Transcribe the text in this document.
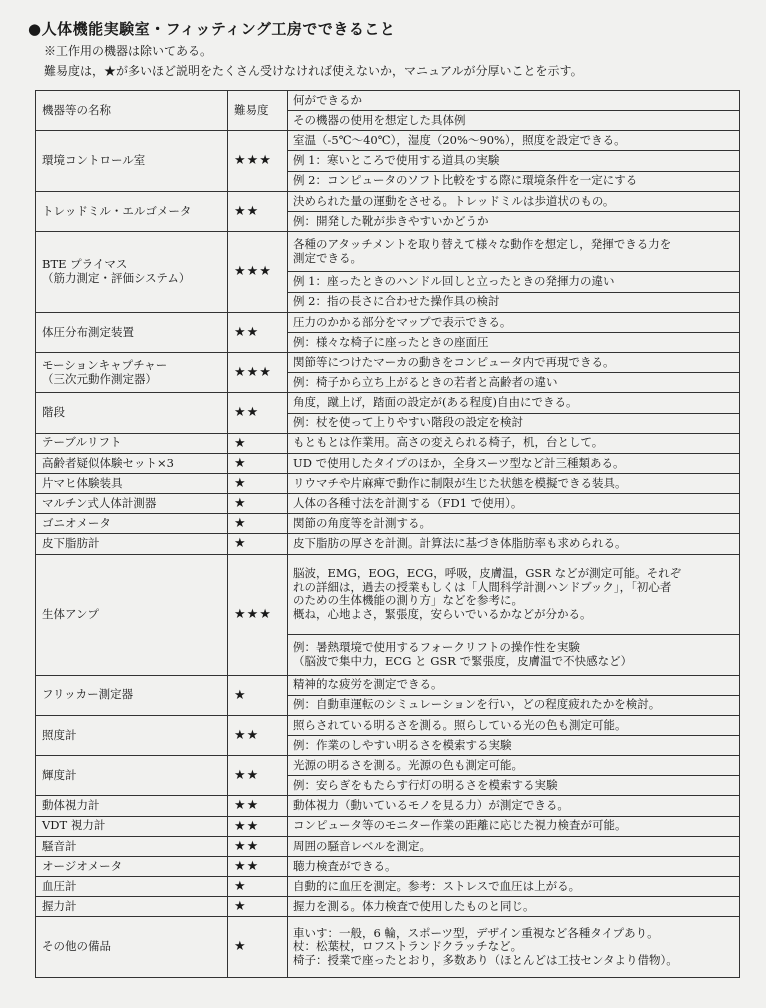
●人体機能実験室・フィッティング工房でできること
※工作用の機器は除いてある。
難易度は，★が多いほど説明をたくさん受けなければ使えないか，マニュアルが分厚いことを示す。
機器等の名称	難易度	何ができるか

		その機器の使用を想定した具体例

環境コントロール室	★★★	室温（-5℃〜40℃），湿度（20%〜90%），照度を設定できる。

		例 1：寒いところで使用する道具の実験

		例 2：コンピュータのソフト比較をする際に環境条件を一定にする

トレッドミル・エルゴメータ	★★	決められた量の運動をさせる。トレッドミルは歩道状のもの。

		例：開発した靴が歩きやすいかどうか

BTE プライマス
（筋力測定・評価システム）	★★★	各種のアタッチメントを取り替えて様々な動作を想定し，発揮できる力を
測定できる。

		例 1：座ったときのハンドル回しと立ったときの発揮力の違い

		例 2：指の長さに合わせた操作具の検討

体圧分布測定装置	★★	圧力のかかる部分をマップで表示できる。

		例：様々な椅子に座ったときの座面圧

モーションキャプチャー
（三次元動作測定器）	★★★	関節等につけたマーカの動きをコンピュータ内で再現できる。

		例：椅子から立ち上がるときの若者と高齢者の違い

階段	★★	角度，蹴上げ，踏面の設定が(ある程度)自由にできる。

		例：杖を使って上りやすい階段の設定を検討

テーブルリフト	★	もともとは作業用。高さの変えられる椅子，机，台として。

高齢者疑似体験セット×3	★	UD で使用したタイプのほか，全身スーツ型など計三種類ある。

片マヒ体験装具	★	リウマチや片麻痺で動作に制限が生じた状態を模擬できる装具。

マルチン式人体計測器	★	人体の各種寸法を計測する（FD1 で使用）。

ゴニオメータ	★	関節の角度等を計測する。

皮下脂肪計	★	皮下脂肪の厚さを計測。計算法に基づき体脂肪率も求められる。

生体アンプ	★★★	脳波，EMG，EOG，ECG，呼吸，皮膚温，GSR などが測定可能。それぞ
れの詳細は，過去の授業もしくは「人間科学計測ハンドブック」，「初心者
のための生体機能の測り方」などを参考に。
概ね，心地よさ，緊張度，安らいでいるかなどが分かる。

		例：暑熱環境で使用するフォークリフトの操作性を実験
（脳波で集中力，ECG と GSR で緊張度，皮膚温で不快感など）

フリッカー測定器	★	精神的な疲労を測定できる。

		例：自動車運転のシミュレーションを行い，どの程度疲れたかを検討。

照度計	★★	照らされている明るさを測る。照らしている光の色も測定可能。

		例：作業のしやすい明るさを模索する実験

輝度計	★★	光源の明るさを測る。光源の色も測定可能。

		例：安らぎをもたらす行灯の明るさを模索する実験

動体視力計	★★	動体視力（動いているモノを見る力）が測定できる。

VDT 視力計	★★	コンピュータ等のモニター作業の距離に応じた視力検査が可能。

騒音計	★★	周囲の騒音レベルを測定。

オージオメータ	★★	聴力検査ができる。

血圧計	★	自動的に血圧を測定。参考：ストレスで血圧は上がる。

握力計	★	握力を測る。体力検査で使用したものと同じ。

その他の備品	★	車いす：一般，6 輪，スポーツ型，デザイン重視など各種タイプあり。
杖：松葉杖，ロフストランドクラッチなど。
椅子：授業で座ったとおり，多数あり（ほとんどは工技センタより借物）。
